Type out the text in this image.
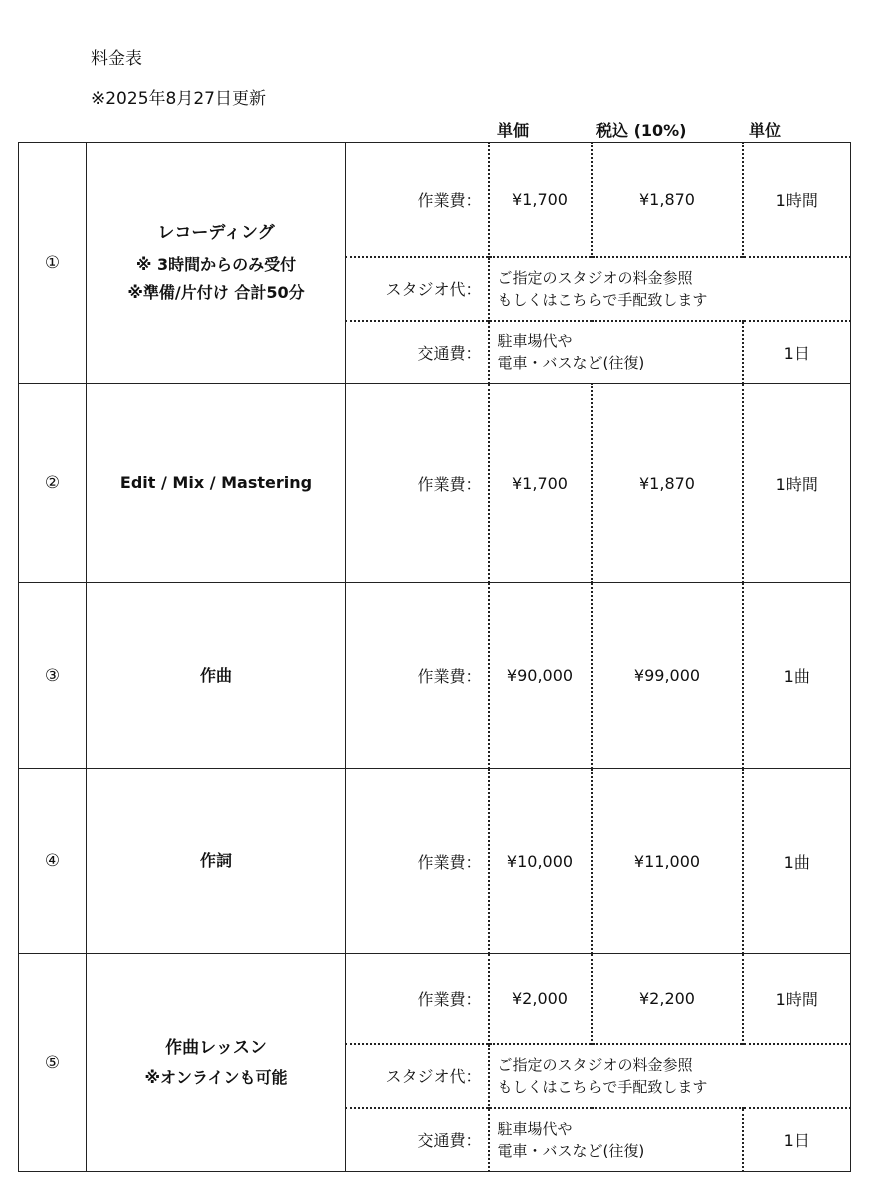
料金表
※2025年8月27日更新
単価	税込 (10%)	単位
①	レコーディング
※ 3時間からのみ受付
※準備/片付け 合計50分	作業費：	¥1,700	¥1,870	1時間
		スタジオ代：	ご指定のスタジオの料金参照
もしくはこちらで手配致します		

		交通費：	駐車場代や
電車・バスなど(往復)		1日
②	Edit / Mix / Mastering	作業費：	¥1,700	¥1,870	1時間
③	作曲	作業費：	¥90,000	¥99,000	1曲
④	作詞	作業費：	¥10,000	¥11,000	1曲
⑤	作曲レッスン
※オンラインも可能	作業費：	¥2,000	¥2,200	1時間
		スタジオ代：	ご指定のスタジオの料金参照
もしくはこちらで手配致します		

		交通費：	駐車場代や
電車・バスなど(往復)		1日
